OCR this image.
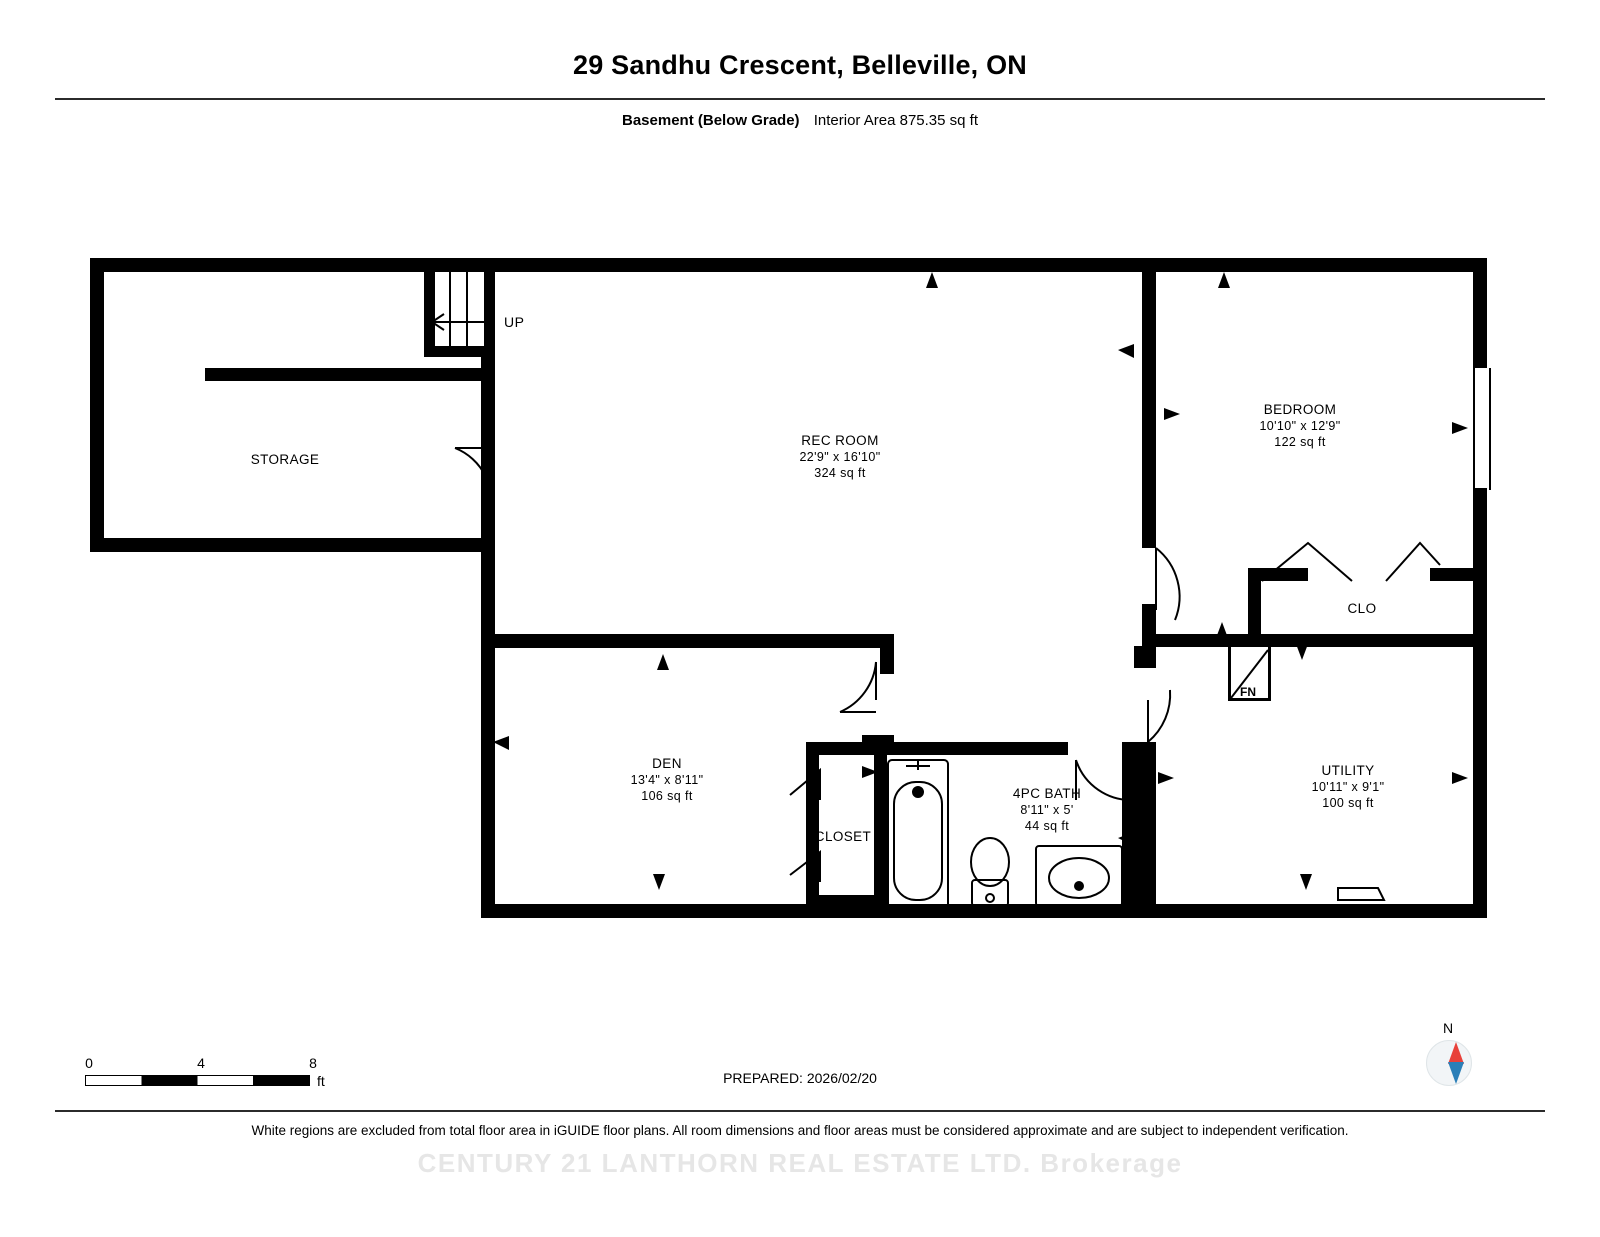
29 Sandhu Crescent, Belleville, ON
Basement (Below Grade) Interior Area 875.35 sq ft
STORAGE
REC ROOM
22'9" x 16'10"
324 sq ft
BEDROOM
10'10" x 12'9"
122 sq ft
CLO
DEN
13'4" x 8'11"
106 sq ft
CLOSET
4PC BATH
8'11" x 5'
44 sq ft
UTILITY
10'11" x 9'1"
100 sq ft
UP
FN
0	4	8
ft
N
PREPARED: 2026/02/20
White regions are excluded from total floor area in iGUIDE floor plans. All room dimensions and floor areas must be considered approximate and are subject to independent verification.
CENTURY 21 LANTHORN REAL ESTATE LTD. Brokerage
